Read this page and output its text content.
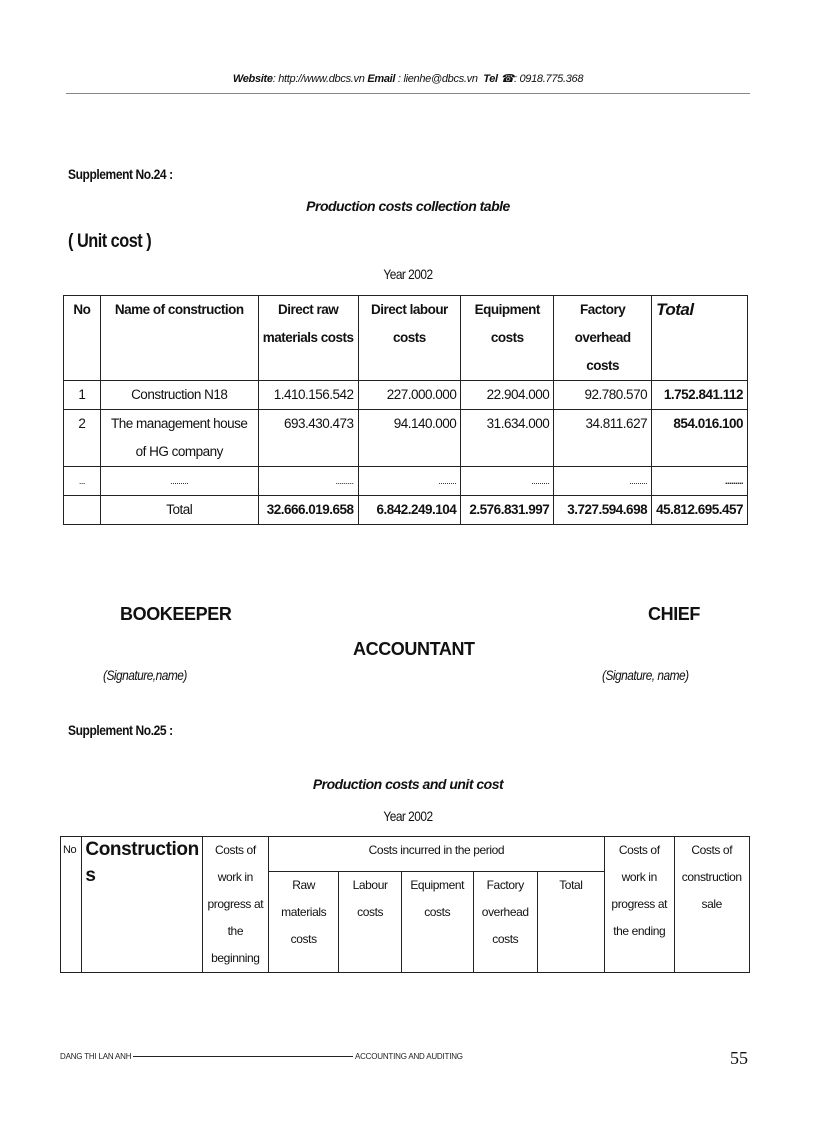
Website: http://www.dbcs.vn Email : lienhe@dbcs.vn Tel ☎: 0918.775.368
Supplement No.24 :
Production costs collection table
( Unit cost )
Year 2002
No	Name of construction	Direct raw materials costs	Direct labour costs	Equipment costs	Factory overhead costs	Total
1	Construction N18	1.410.156.542	227.000.000	22.904.000	92.780.570	1.752.841.112
2	The management house of HG company	693.430.473	94.140.000	31.634.000	34.811.627	854.016.100
...	.........	.........	.........	.........	.........	.........
	Total	32.666.019.658	6.842.249.104	2.576.831.997	3.727.594.698	45.812.695.457
BOOKEEPER	CHIEF
ACCOUNTANT
(Signature,name)	(Signature, name)
Supplement No.25 :
Production costs and unit cost
Year 2002
No	Construction s	Costs of work in progress at the beginning	Costs incurred in the period					Costs of work in progress at the ending	Costs of construction sale
			Raw materials costs	Labour costs	Equipment costs	Factory overhead costs	Total		
DANG THI LAN ANH	ACCOUNTING AND AUDITING	55
